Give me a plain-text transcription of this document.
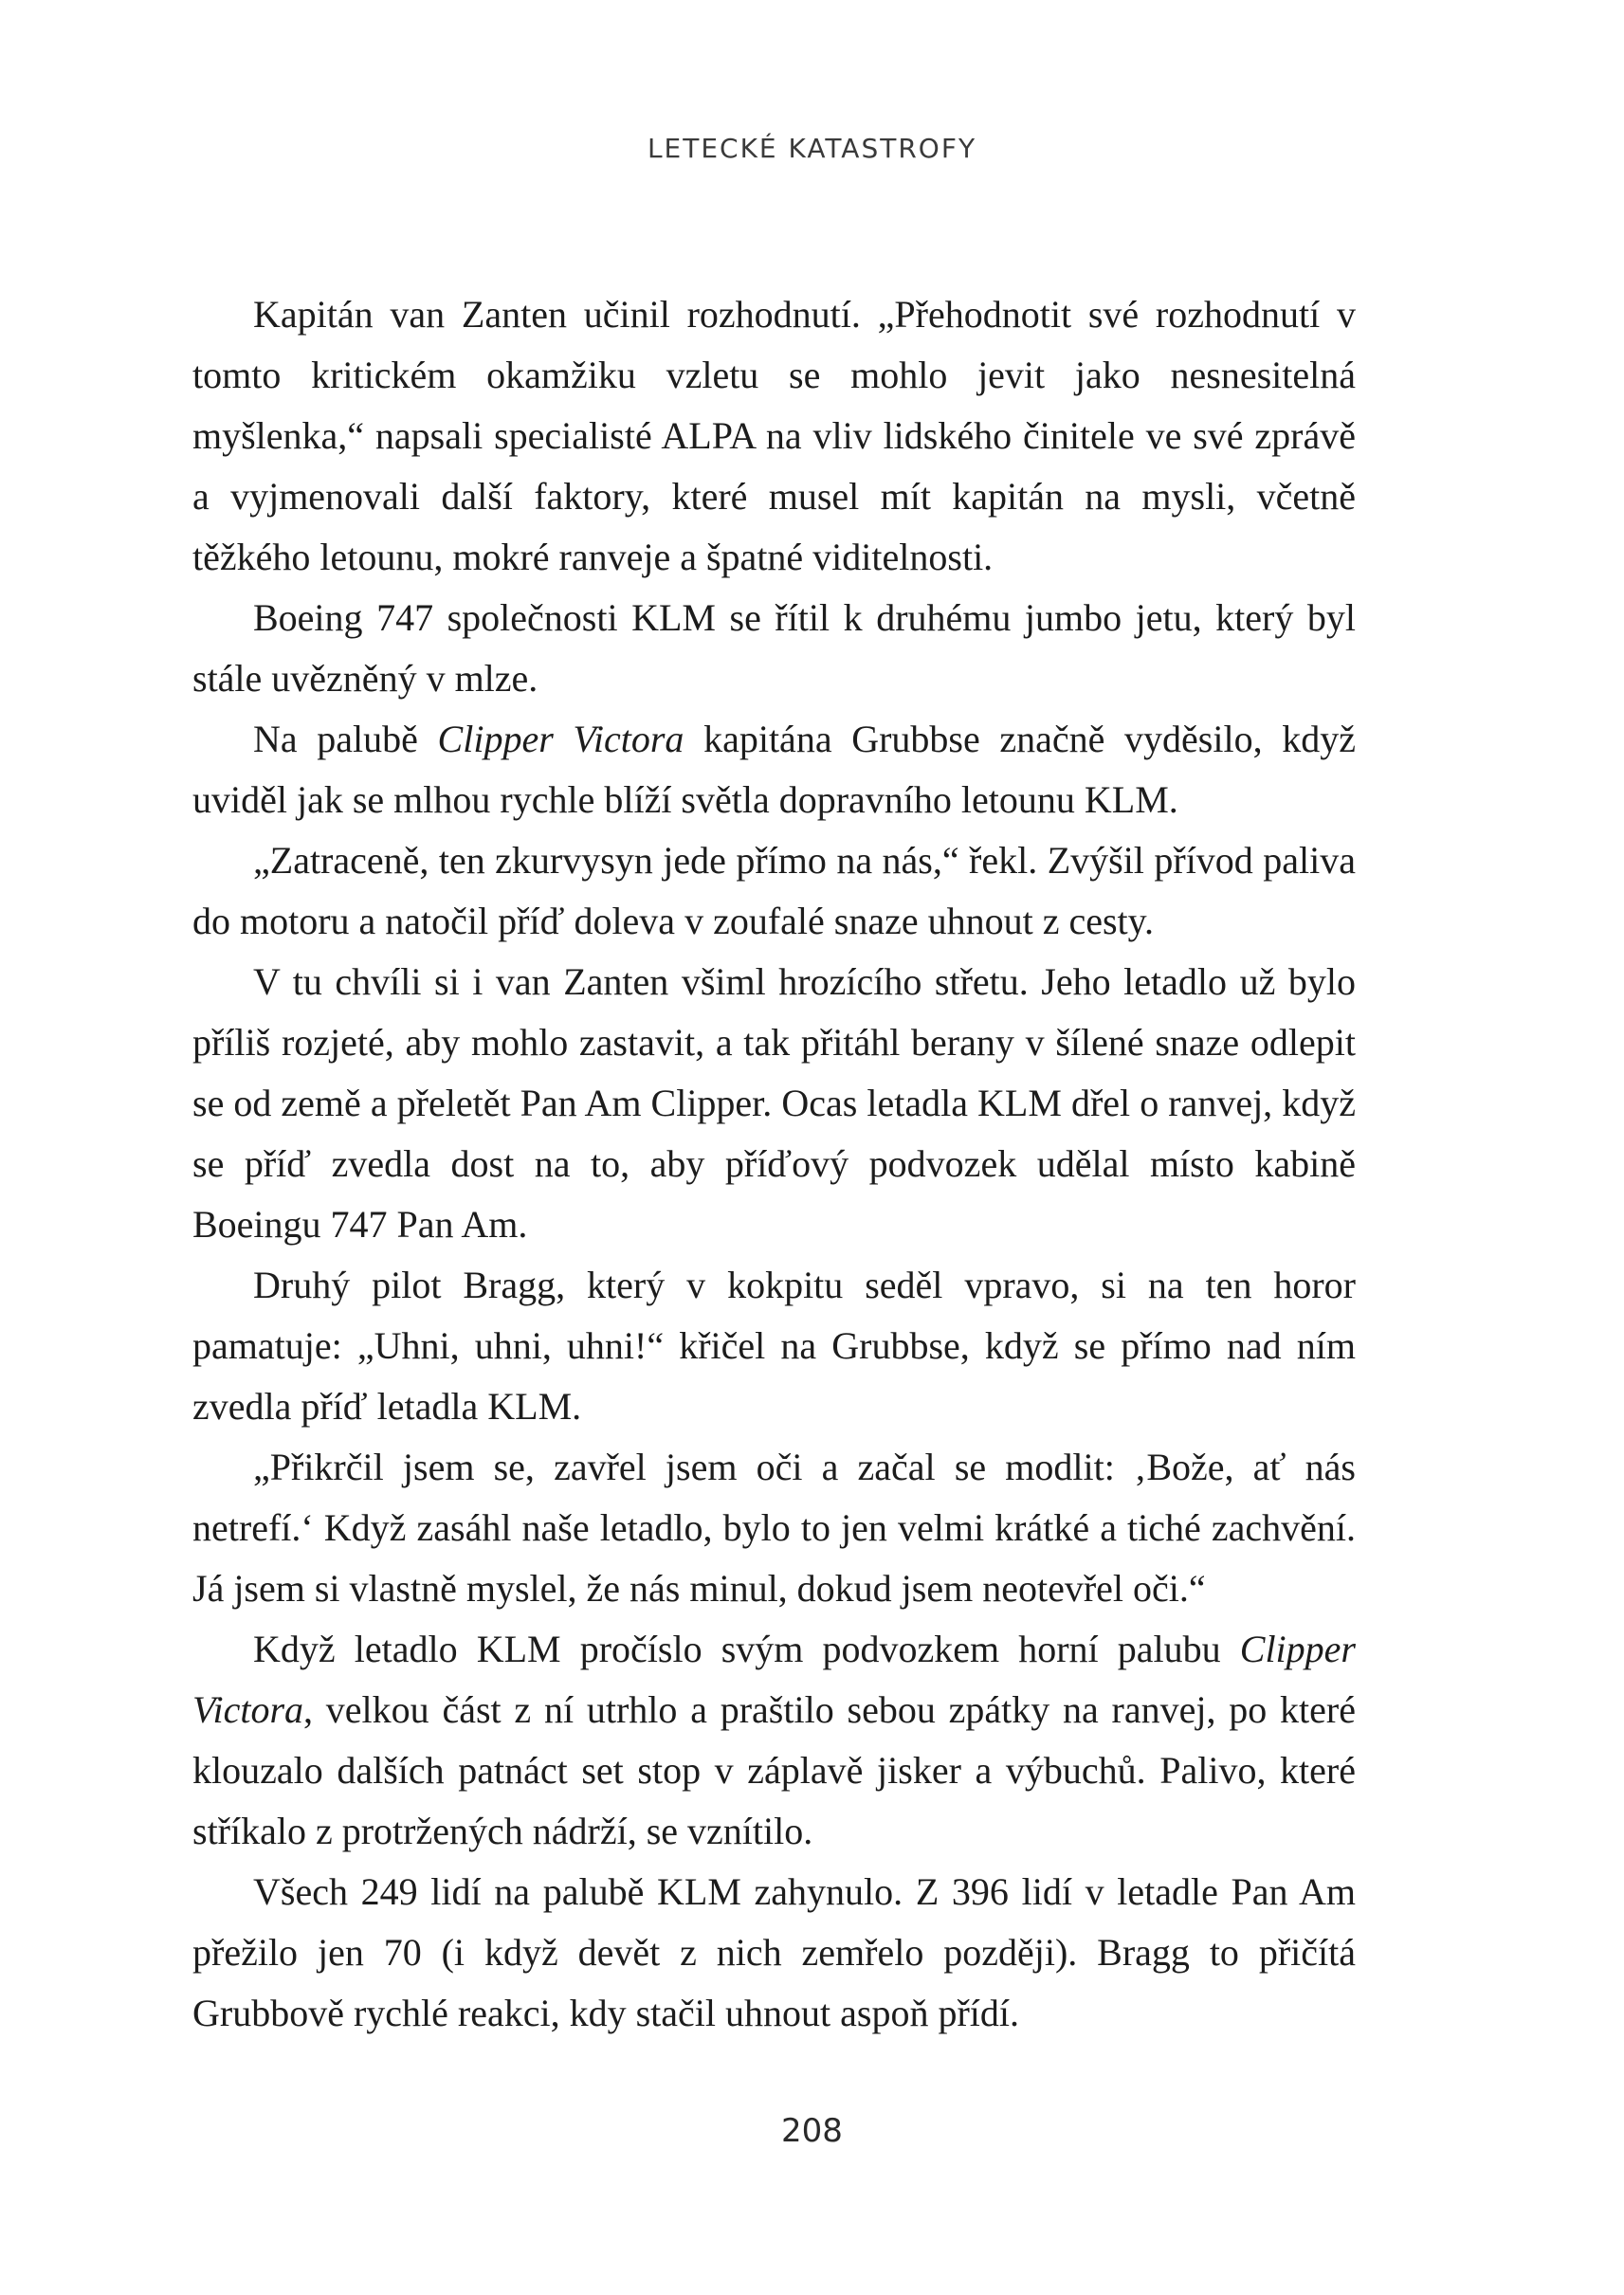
LETECKÉ KATASTROFY

Kapitán van Zanten učinil rozhodnutí. „Přehodnotit své rozhodnutí v tomto kritickém okamžiku vzletu se mohlo jevit jako nesnesitelná myšlenka,“ napsali specialisté ALPA na vliv lidského činitele ve své zprávě a vyjmenovali další faktory, které musel mít kapitán na mysli, včetně těžkého letounu, mokré ranveje a špatné viditelnosti.

Boeing 747 společnosti KLM se řítil k druhému jumbo jetu, který byl stále uvězněný v mlze.

Na palubě Clipper Victora kapitána Grubbse značně vyděsilo, když uviděl jak se mlhou rychle blíží světla dopravního letounu KLM.

„Zatraceně, ten zkurvysyn jede přímo na nás,“ řekl. Zvýšil přívod paliva do motoru a natočil příď doleva v zoufalé snaze uhnout z cesty.

V tu chvíli si i van Zanten všiml hrozícího střetu. Jeho letadlo už bylo příliš rozjeté, aby mohlo zastavit, a tak přitáhl berany v šílené snaze odlepit se od země a přeletět Pan Am Clipper. Ocas letadla KLM dřel o ranvej, když se příď zvedla dost na to, aby příďový podvozek udělal místo kabině Boeingu 747 Pan Am.

Druhý pilot Bragg, který v kokpitu seděl vpravo, si na ten horor pamatuje: „Uhni, uhni, uhni!“ křičel na Grubbse, když se přímo nad ním zvedla příď letadla KLM.

„Přikrčil jsem se, zavřel jsem oči a začal se modlit: ‚Bože, ať nás netrefí.‘ Když zasáhl naše letadlo, bylo to jen velmi krátké a tiché zachvění. Já jsem si vlastně myslel, že nás minul, dokud jsem neotevřel oči.“

Když letadlo KLM pročíslo svým podvozkem horní palubu Clipper Victora, velkou část z ní utrhlo a praštilo sebou zpátky na ranvej, po které klouzalo dalších patnáct set stop v záplavě jisker a výbuchů. Palivo, které stříkalo z protržených nádrží, se vznítilo.

Všech 249 lidí na palubě KLM zahynulo. Z 396 lidí v letadle Pan Am přežilo jen 70 (i když devět z nich zemřelo později). Bragg to přičítá Grubbově rychlé reakci, kdy stačil uhnout aspoň přídí.

208
